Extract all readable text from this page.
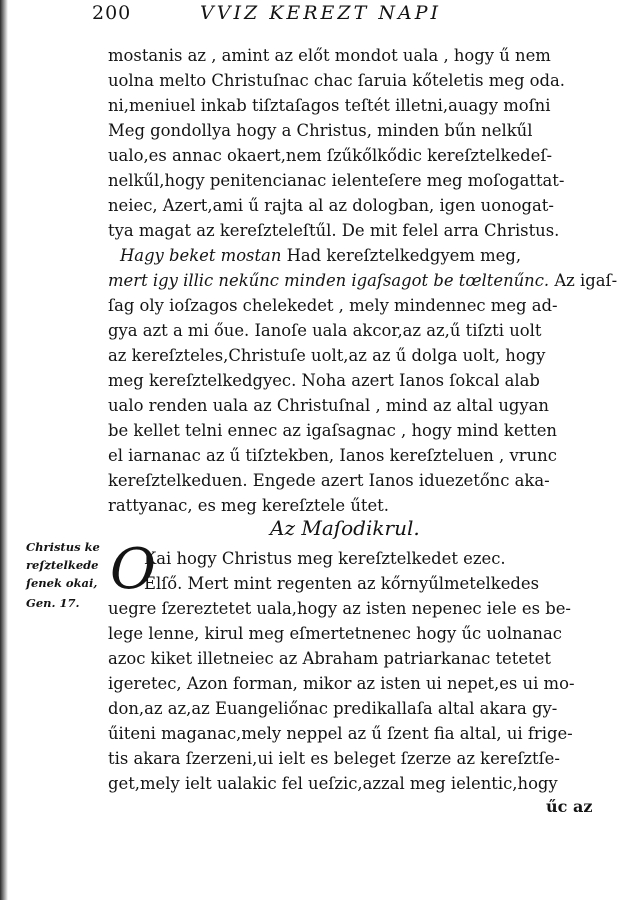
200	VVIZ KEREZT NAPI
mostanis az , amint az előt mondot uala , hogy ű nem
uolna melto Christuſnac chac ſaruia kőteletis meg oda.
ni,meniuel inkab tiſztaſagos teſtét illetni,auagy moſni
Meg gondollya hogy a Christus, minden bűn nelkűl
ualo,es annac okaert,nem ſzűkőlkődic kereſztelkedeſ-
nelkűl,hogy penitencianac ielenteſere meg moſogattat-
neiec, Azert,ami ű rajta al az dologban, igen uonogat-
tya magat az kereſzteleſtűl. De mit felel arra Christus.
Hagy beket mostan Had kereſztelkedgyem meg,
mert igy illic nekűnc minden igaſsagot be tœltenűnc. Az igaſ-
ſag oly ioſzagos chelekedet , mely mindennec meg ad-
gya azt a mi őue. Ianoſe uala akcor,az az,ű tiſzti uolt
az kereſzteles,Christuſe uolt,az az ű dolga uolt, hogy
meg kereſztelkedgyec. Noha azert Ianos ſokcal alab
ualo renden uala az Christuſnal , mind az altal ugyan
be kellet telni ennec az igaſsagnac , hogy mind ketten
el iarnanac az ű tiſztekben, Ianos kereſzteluen , vrunc
kereſztelkeduen. Engede azert Ianos iduezetőnc aka-
rattyanac, es meg kereſztele űtet.
Az Maſodikrul.
Christus ke
reſztelkede
ſenek okai,
Gen. 17.
O
Kai hogy Christus meg kereſztelkedet ezec.
Elſő. Mert mint regenten az kőrnyűlmetelkedes
uegre ſzereztetet uala,hogy az isten nepenec iele es be-
lege lenne, kirul meg eſmertetnenec hogy űc uolnanac
azoc kiket illetneiec az Abraham patriarkanac tetetet
igeretec, Azon forman, mikor az isten ui nepet,es ui mo-
don,az az,az Euangeliőnac predikallaſa altal akara gy-
űiteni maganac,mely neppel az ű ſzent fia altal, ui frige-
tis akara ſzerzeni,ui ielt es beleget ſzerze az kereſztſe-
get,mely ielt ualakic fel ueſzic,azzal meg ielentic,hogy
űc az
